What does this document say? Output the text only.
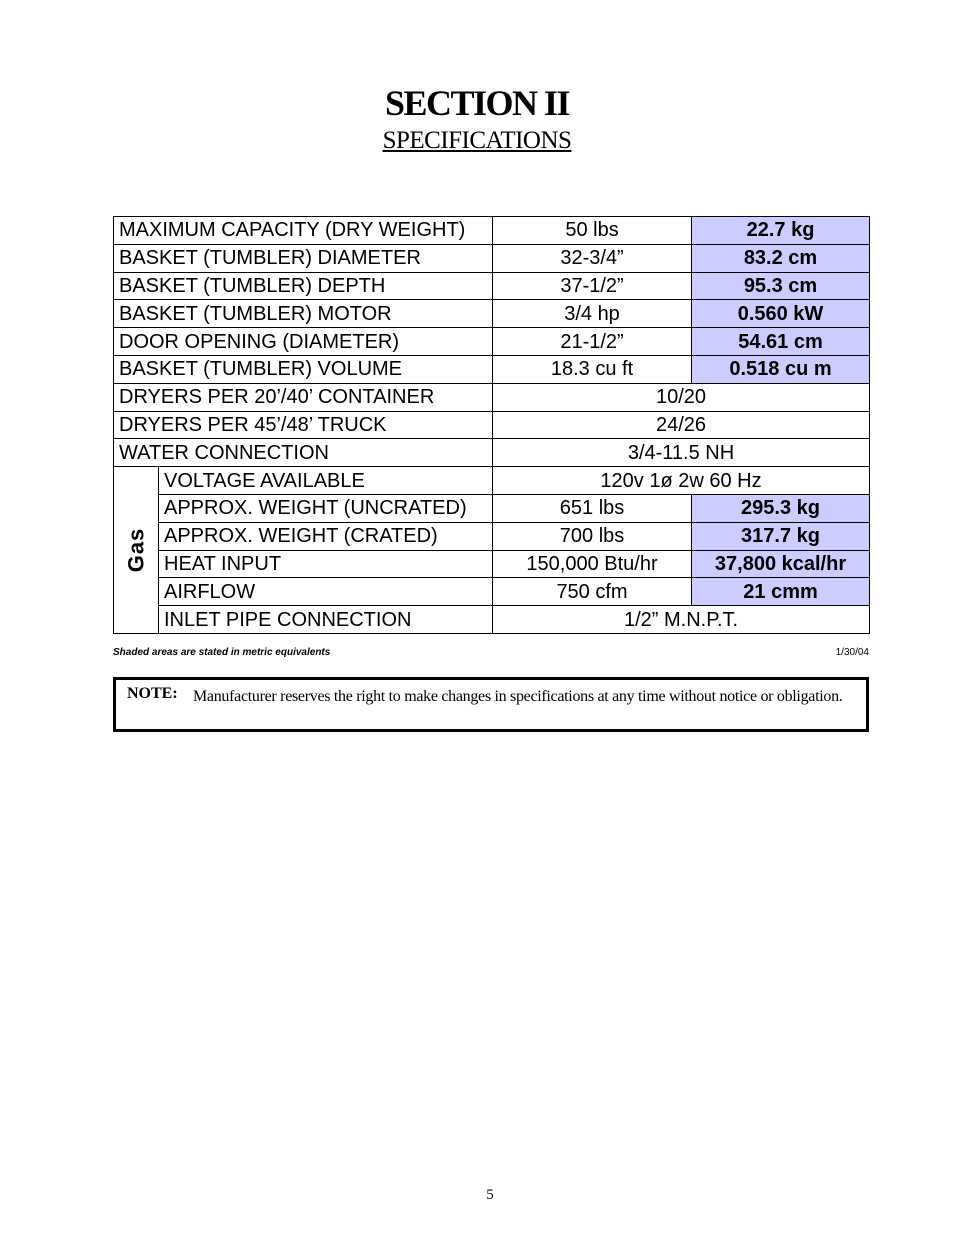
SECTION II
SPECIFICATIONS
MAXIMUM CAPACITY (DRY WEIGHT)		50 lbs	22.7 kg
BASKET (TUMBLER) DIAMETER		32-3/4”	83.2 cm
BASKET (TUMBLER) DEPTH		37-1/2”	95.3 cm
BASKET (TUMBLER) MOTOR		3/4 hp	0.560 kW
DOOR OPENING (DIAMETER)		21-1/2”	54.61 cm
BASKET (TUMBLER) VOLUME		18.3 cu ft	0.518 cu m
DRYERS PER 20’/40’ CONTAINER		10/20	
DRYERS PER 45’/48’ TRUCK		24/26	
WATER CONNECTION		3/4-11.5 NH	
Gas	VOLTAGE AVAILABLE	120v 1ø 2w 60 Hz	
	APPROX. WEIGHT (UNCRATED)	651 lbs	295.3 kg
	APPROX. WEIGHT (CRATED)	700 lbs	317.7 kg
	HEAT INPUT	150,000 Btu/hr	37,800 kcal/hr
	AIRFLOW	750 cfm	21 cmm
	INLET PIPE CONNECTION	1/2” M.N.P.T.	
Shaded areas are stated in metric equivalents	1/30/04
NOTE: Manufacturer reserves the right to make changes in specifications at any time without notice or obligation.
5
